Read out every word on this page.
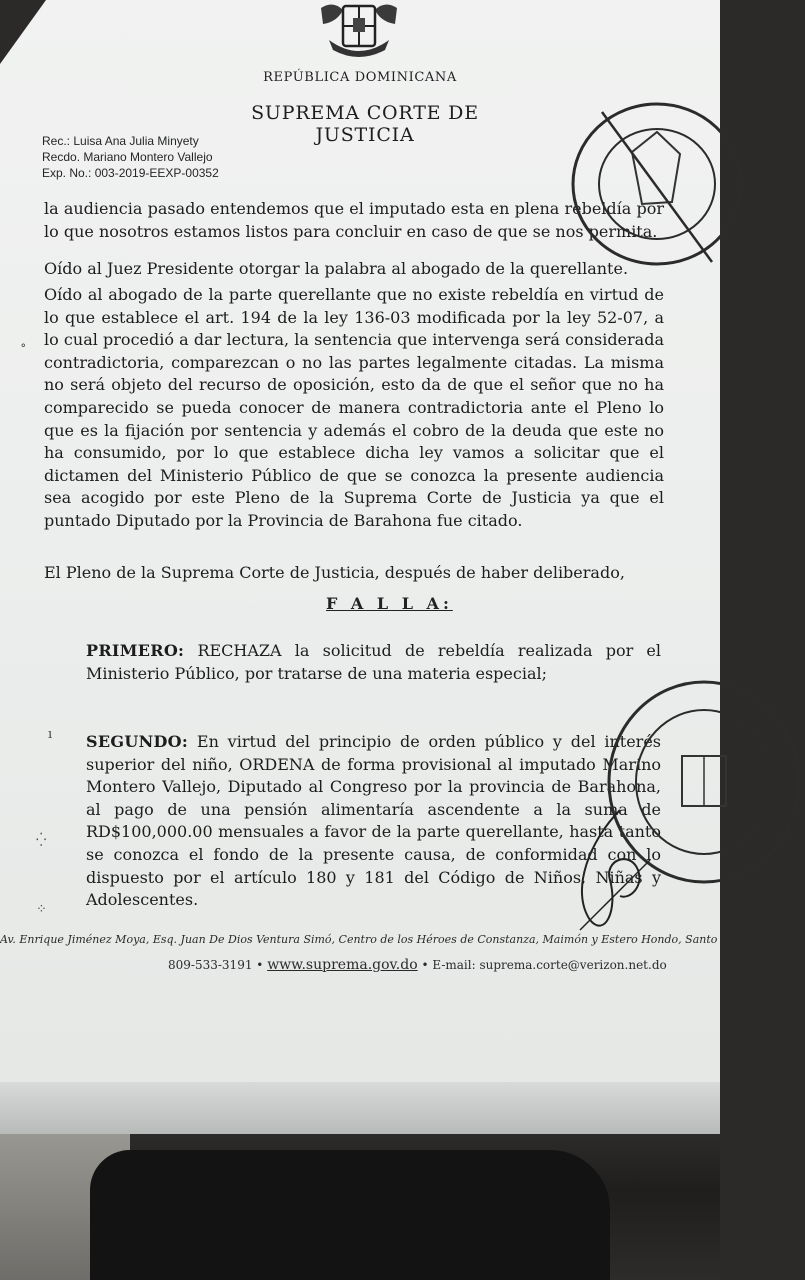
REPÚBLICA DOMINICANA
SUPREMA CORTE DE JUSTICIA
Rec.: Luisa Ana Julia Minyety
Recdo. Mariano Montero Vallejo
Exp. No.: 003-2019-EEXP-00352
la audiencia pasado entendemos que el imputado esta en plena rebeldía por lo que nosotros estamos listos para concluir en caso de que se nos permita.
Oído al Juez Presidente otorgar la palabra al abogado de la querellante.
Oído al abogado de la parte querellante que no existe rebeldía en virtud de lo que establece el art. 194 de la ley 136-03 modificada por la ley 52-07, a lo cual procedió a dar lectura, la sentencia que intervenga será considerada contradictoria, comparezcan o no las partes legalmente citadas. La misma no será objeto del recurso de oposición, esto da de que el señor que no ha comparecido se pueda conocer de manera contradictoria ante el Pleno lo que es la fijación por sentencia y además el cobro de la deuda que este no ha consumido, por lo que establece dicha ley vamos a solicitar que el dictamen del Ministerio Público de que se conozca la presente audiencia sea acogido por este Pleno de la Suprema Corte de Justicia ya que el puntado Diputado por la Provincia de Barahona fue citado.
El Pleno de la Suprema Corte de Justicia, después de haber deliberado,
F A L L A:
PRIMERO: RECHAZA la solicitud de rebeldía realizada por el Ministerio Público, por tratarse de una materia especial;
SEGUNDO: En virtud del principio de orden público y del interés superior del niño, ORDENA de forma provisional al imputado Marino Montero Vallejo, Diputado al Congreso por la provincia de Barahona, al pago de una pensión alimentaría ascendente a la suma de RD$100,000.00 mensuales a favor de la parte querellante, hasta tanto se conozca el fondo de la presente causa, de conformidad con lo dispuesto por el artículo 180 y 181 del Código de Niños, Niñas y Adolescentes.
Av. Enrique Jiménez Moya, Esq. Juan De Dios Ventura Simó, Centro de los Héroes de Constanza, Maimón y Estero Hondo, Santo Domingo, R. D.
809-533-3191 • www.suprema.gov.do • E-mail: suprema.corte@verizon.net.do
˳
ı
⁛
⁘
